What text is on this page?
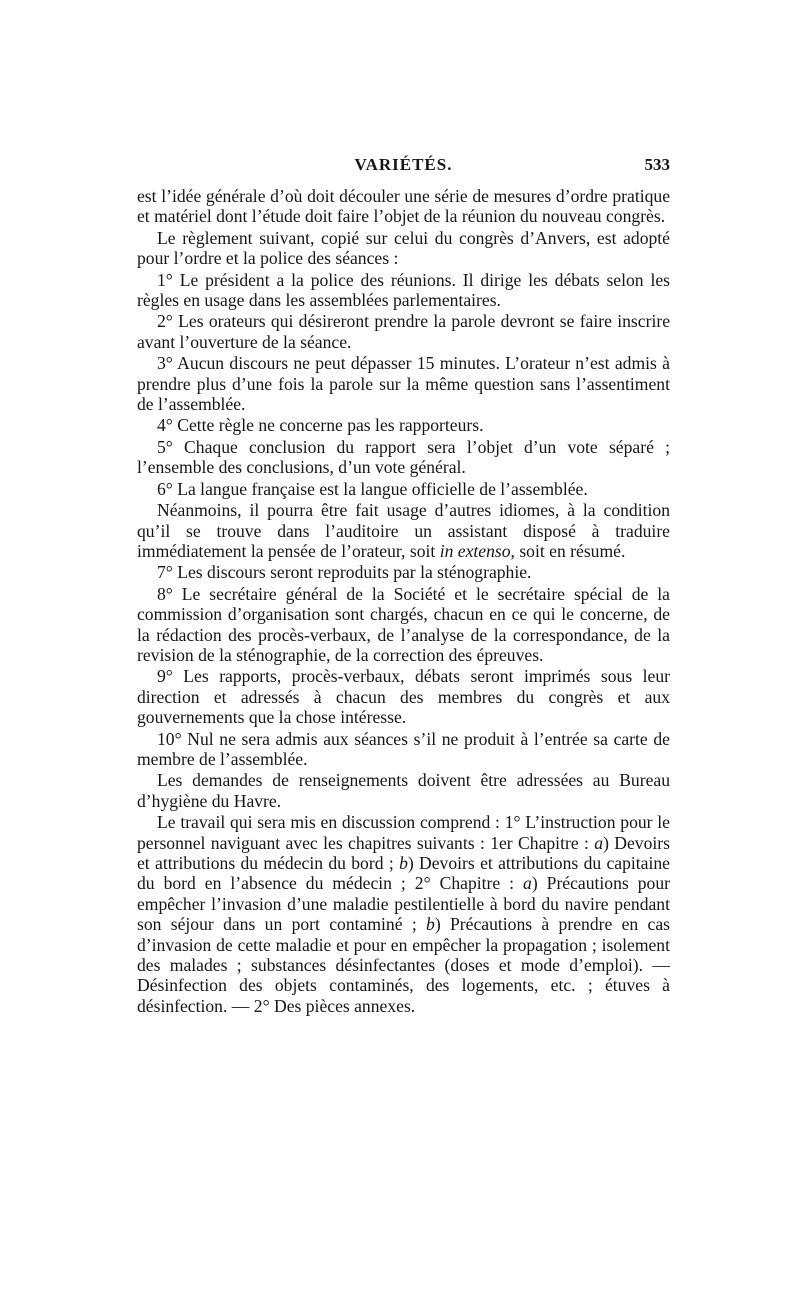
VARIÉTÉS.	533

est l’idée générale d’où doit découler une série de mesures d’ordre pratique et matériel dont l’étude doit faire l’objet de la réunion du nouveau congrès.

Le règlement suivant, copié sur celui du congrès d’Anvers, est adopté pour l’ordre et la police des séances :

1° Le président a la police des réunions. Il dirige les débats selon les règles en usage dans les assemblées parlementaires.

2° Les orateurs qui désireront prendre la parole devront se faire inscrire avant l’ouverture de la séance.

3° Aucun discours ne peut dépasser 15 minutes. L’orateur n’est admis à prendre plus d’une fois la parole sur la même question sans l’assentiment de l’assemblée.

4° Cette règle ne concerne pas les rapporteurs.

5° Chaque conclusion du rapport sera l’objet d’un vote séparé ; l’ensemble des conclusions, d’un vote général.

6° La langue française est la langue officielle de l’assemblée.

Néanmoins, il pourra être fait usage d’autres idiomes, à la condition qu’il se trouve dans l’auditoire un assistant disposé à traduire immédiatement la pensée de l’orateur, soit in extenso, soit en résumé.

7° Les discours seront reproduits par la sténographie.

8° Le secrétaire général de la Société et le secrétaire spécial de la commission d’organisation sont chargés, chacun en ce qui le concerne, de la rédaction des procès-verbaux, de l’analyse de la correspondance, de la revision de la sténographie, de la correction des épreuves.

9° Les rapports, procès-verbaux, débats seront imprimés sous leur direction et adressés à chacun des membres du congrès et aux gouvernements que la chose intéresse.

10° Nul ne sera admis aux séances s’il ne produit à l’entrée sa carte de membre de l’assemblée.

Les demandes de renseignements doivent être adressées au Bureau d’hygiène du Havre.

Le travail qui sera mis en discussion comprend : 1° L’instruction pour le personnel naviguant avec les chapitres suivants : 1er Chapitre : a) Devoirs et attributions du médecin du bord ; b) Devoirs et attributions du capitaine du bord en l’absence du médecin ; 2° Chapitre : a) Précautions pour empêcher l’invasion d’une maladie pestilentielle à bord du navire pendant son séjour dans un port contaminé ; b) Précautions à prendre en cas d’invasion de cette maladie et pour en empêcher la propagation ; isolement des malades ; substances désinfectantes (doses et mode d’emploi). — Désinfection des objets contaminés, des logements, etc. ; étuves à désinfection. — 2° Des pièces annexes.
